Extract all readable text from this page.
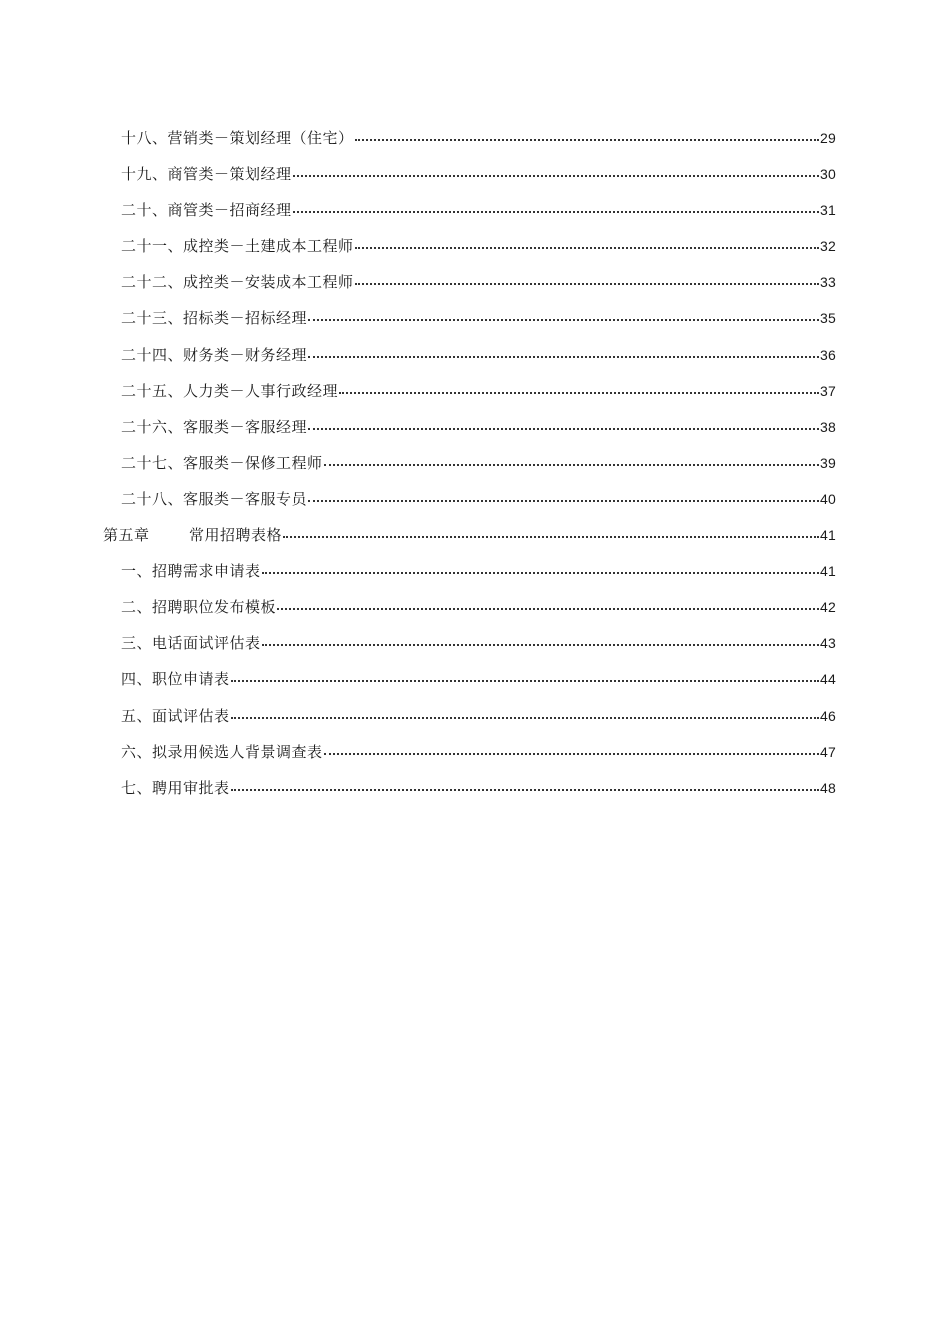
十八、营销类－策划经理（住宅）	29
十九、商管类－策划经理	30
二十、商管类－招商经理	31
二十一、成控类－土建成本工程师	32
二十二、成控类－安装成本工程师	33
二十三、招标类－招标经理	35
二十四、财务类－财务经理	36
二十五、人力类－人事行政经理	37
二十六、客服类－客服经理	38
二十七、客服类－保修工程师	39
二十八、客服类－客服专员	40
第五章	常用招聘表格	41
一、招聘需求申请表	41
二、招聘职位发布模板	42
三、电话面试评估表	43
四、职位申请表	44
五、面试评估表	46
六、拟录用候选人背景调查表	47
七、聘用审批表	48
